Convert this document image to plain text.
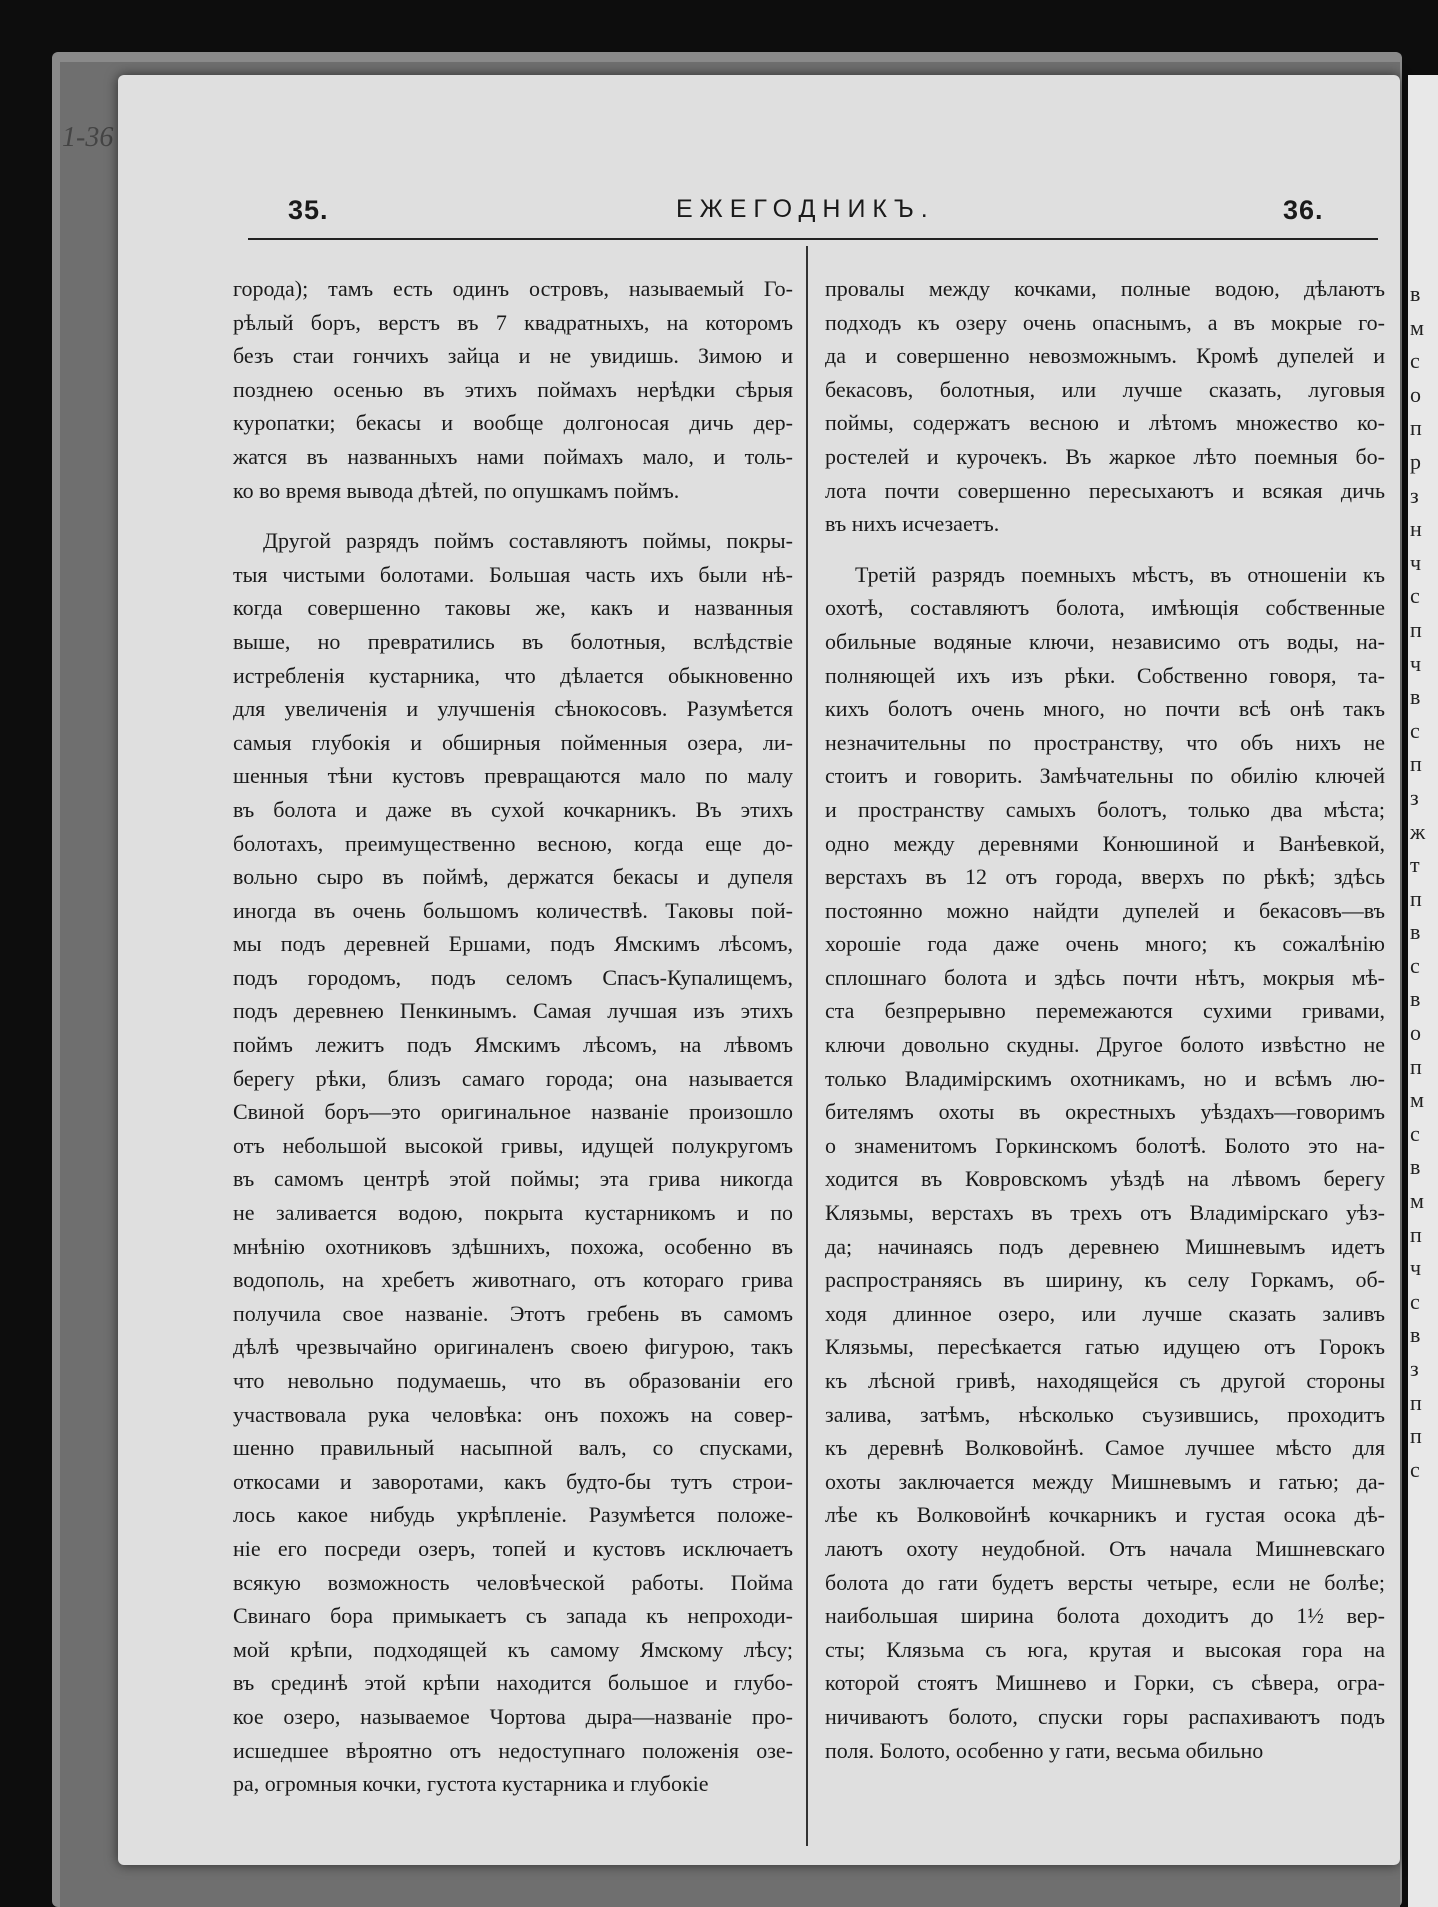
1-36
в
м
с
о
п
р
з
н
ч
с
п
ч
в
с
п
з
ж
т
п
в
с
в
о
п
м
с
в
м
п
ч
с
в
з
п
п
с
35.	ЕЖЕГОДНИКЪ.	36.

города); тамъ есть одинъ островъ, называемый Го-

рѣлый боръ, верстъ въ 7 квадратныхъ, на которомъ

безъ стаи гончихъ зайца и не увидишь. Зимою и

позднею осенью въ этихъ поймахъ нерѣдки сѣрыя

куропатки; бекасы и вообще долгоносая дичь дер-

жатся въ названныхъ нами поймахъ мало, и толь-

ко во время вывода дѣтей, по опушкамъ поймъ.

Другой разрядъ поймъ составляютъ поймы, покры-

тыя чистыми болотами. Большая часть ихъ были нѣ-

когда совершенно таковы же, какъ и названныя

выше, но превратились въ болотныя, вслѣдствіе

истребленія кустарника, что дѣлается обыкновенно

для увеличенія и улучшенія сѣнокосовъ. Разумѣется

самыя глубокія и обширныя пойменныя озера, ли-

шенныя тѣни кустовъ превращаются мало по малу

въ болота и даже въ сухой кочкарникъ. Въ этихъ

болотахъ, преимущественно весною, когда еще до-

вольно сыро въ поймѣ, держатся бекасы и дупеля

иногда въ очень большомъ количествѣ. Таковы пой-

мы подъ деревней Ершами, подъ Ямскимъ лѣсомъ,

подъ городомъ, подъ селомъ Спасъ-Купалищемъ,

подъ деревнею Пенкинымъ. Самая лучшая изъ этихъ

поймъ лежитъ подъ Ямскимъ лѣсомъ, на лѣвомъ

берегу рѣки, близъ самаго города; она называется

Свиной боръ—это оригинальное названіе произошло

отъ небольшой высокой гривы, идущей полукругомъ

въ самомъ центрѣ этой поймы; эта грива никогда

не заливается водою, покрыта кустарникомъ и по

мнѣнію охотниковъ здѣшнихъ, похожа, особенно въ

водополь, на хребетъ животнаго, отъ котораго грива

получила свое названіе. Этотъ гребень въ самомъ

дѣлѣ чрезвычайно оригиналенъ своею фигурою, такъ

что невольно подумаешь, что въ образованіи его

участвовала рука человѣка: онъ похожъ на совер-

шенно правильный насыпной валъ, со спусками,

откосами и заворотами, какъ будто-бы тутъ строи-

лось какое нибудь укрѣпленіе. Разумѣется положе-

ніе его посреди озеръ, топей и кустовъ исключаетъ

всякую возможность человѣческой работы. Пойма

Свинаго бора примыкаетъ съ запада къ непроходи-

мой крѣпи, подходящей къ самому Ямскому лѣсу;

въ срединѣ этой крѣпи находится большое и глубо-

кое озеро, называемое Чортова дыра—названіе про-

исшедшее вѣроятно отъ недоступнаго положенія озе-

ра, огромныя кочки, густота кустарника и глубокіе

провалы между кочками, полные водою, дѣлаютъ

подходъ къ озеру очень опаснымъ, а въ мокрые го-

да и совершенно невозможнымъ. Кромѣ дупелей и

бекасовъ, болотныя, или лучше сказать, луговыя

поймы, содержатъ весною и лѣтомъ множество ко-

ростелей и курочекъ. Въ жаркое лѣто поемныя бо-

лота почти совершенно пересыхаютъ и всякая дичь

въ нихъ исчезаетъ.

Третій разрядъ поемныхъ мѣстъ, въ отношеніи къ

охотѣ, составляютъ болота, имѣющія собственные

обильные водяные ключи, независимо отъ воды, на-

полняющей ихъ изъ рѣки. Собственно говоря, та-

кихъ болотъ очень много, но почти всѣ онѣ такъ

незначительны по пространству, что объ нихъ не

стоитъ и говорить. Замѣчательны по обилію ключей

и пространству самыхъ болотъ, только два мѣста;

одно между деревнями Конюшиной и Ванѣевкой,

верстахъ въ 12 отъ города, вверхъ по рѣкѣ; здѣсь

постоянно можно найдти дупелей и бекасовъ—въ

хорошіе года даже очень много; къ сожалѣнію

сплошнаго болота и здѣсь почти нѣтъ, мокрыя мѣ-

ста безпрерывно перемежаются сухими гривами,

ключи довольно скудны. Другое болото извѣстно не

только Владимірскимъ охотникамъ, но и всѣмъ лю-

бителямъ охоты въ окрестныхъ уѣздахъ—говоримъ

о знаменитомъ Горкинскомъ болотѣ. Болото это на-

ходится въ Ковровскомъ уѣздѣ на лѣвомъ берегу

Клязьмы, верстахъ въ трехъ отъ Владимірскаго уѣз-

да; начинаясь подъ деревнею Мишневымъ идетъ

распространяясь въ ширину, къ селу Горкамъ, об-

ходя длинное озеро, или лучше сказать заливъ

Клязьмы, пересѣкается гатью идущею отъ Горокъ

къ лѣсной гривѣ, находящейся съ другой стороны

залива, затѣмъ, нѣсколько съузившись, проходитъ

къ деревнѣ Волковойнѣ. Самое лучшее мѣсто для

охоты заключается между Мишневымъ и гатью; да-

лѣе къ Волковойнѣ кочкарникъ и густая осока дѣ-

лаютъ охоту неудобной. Отъ начала Мишневскаго

болота до гати будетъ версты четыре, если не болѣе;

наибольшая ширина болота доходитъ до 1½ вер-

сты; Клязьма съ юга, крутая и высокая гора на

которой стоятъ Мишнево и Горки, съ сѣвера, огра-

ничиваютъ болото, спуски горы распахиваютъ подъ

поля. Болото, особенно у гати, весьма обильно
